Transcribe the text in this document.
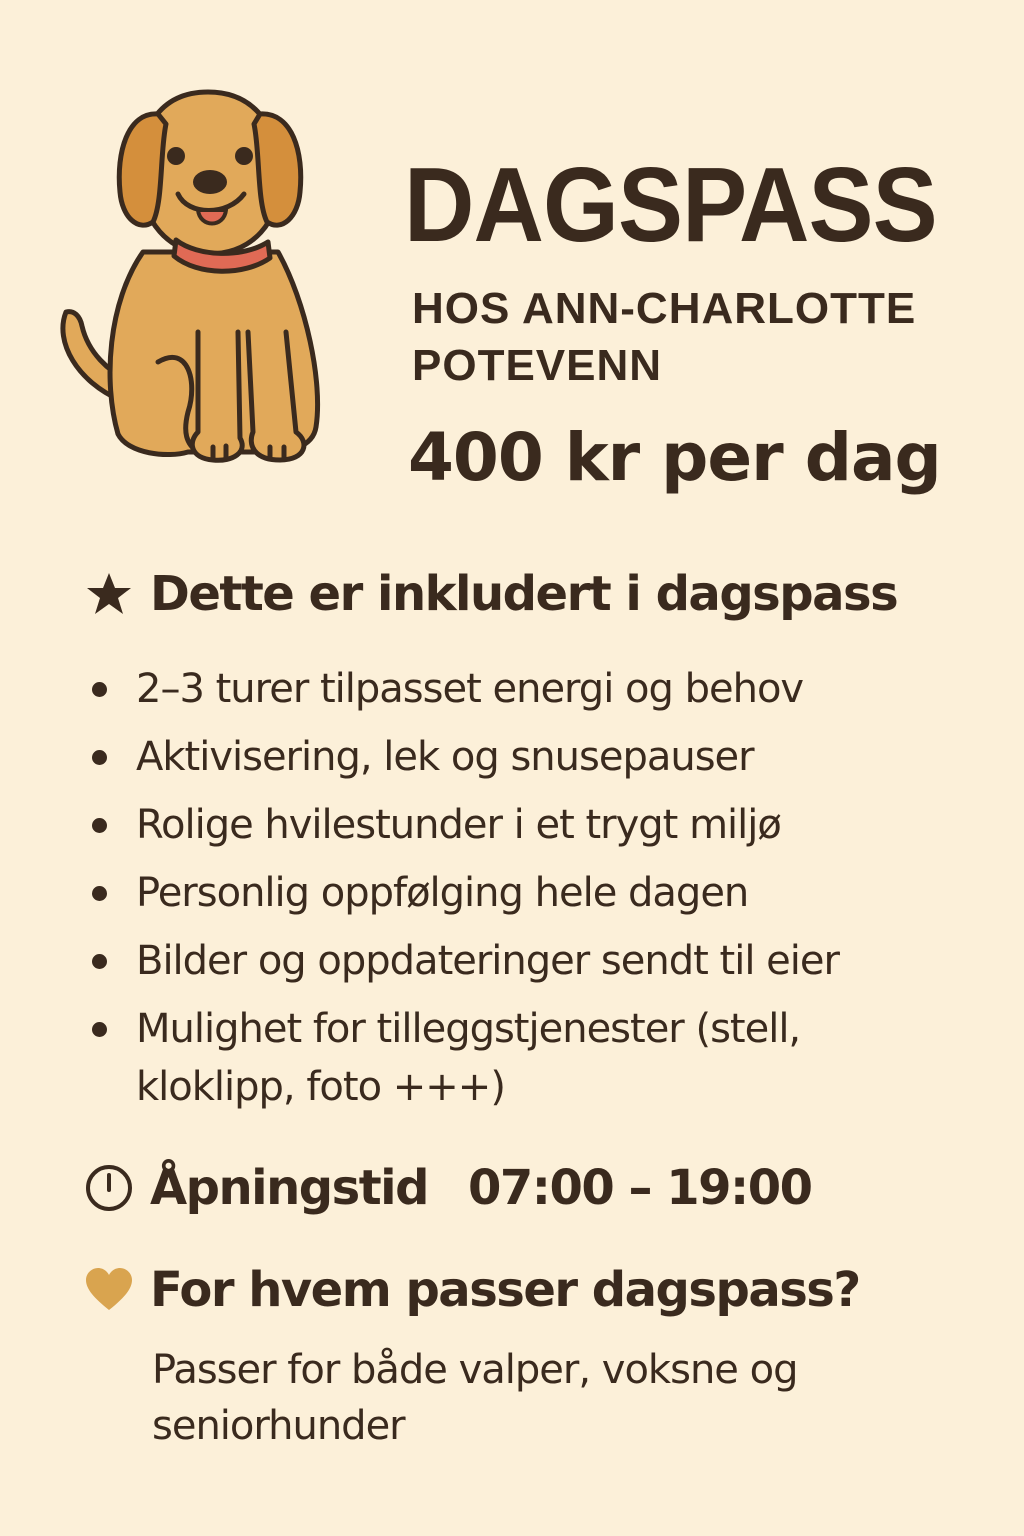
DAGSPASS
HOS ANN-CHARLOTTE POTEVENN
400 kr per dag
Dette er inkludert i dagspass
2–3 turer tilpasset energi og behov
Aktivisering, lek og snusepauser
Rolige hvilestunder i et trygt miljø
Personlig oppfølging hele dagen
Bilder og oppdateringer sendt til eier
Mulighet for tilleggstjenester (stell, kloklipp, foto +++)
Åpningstid 07:00 – 19:00
For hvem passer dagspass?
Passer for både valper, voksne og seniorhunder
